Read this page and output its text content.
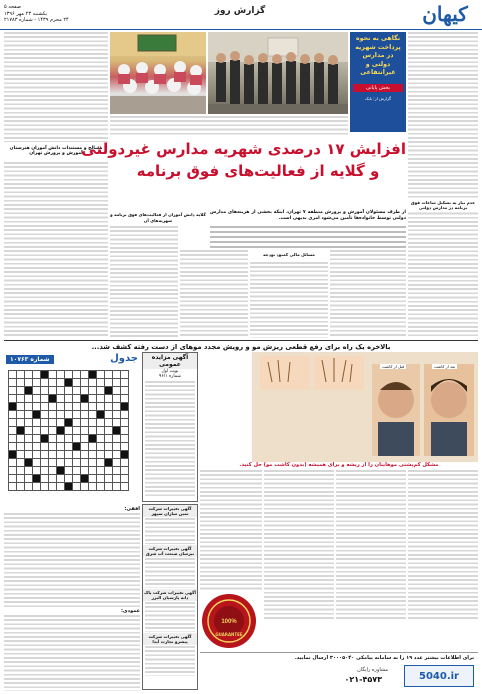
صفحه ۵
یکشنبه ۲۳ مهر ۱۳۹۶
۲۴ محرم ۱۴۳۹ - شماره ۲۱۷۸۳
گزارش روز	کیهان
نگاهی به نحوه پرداخت شهریه در مدارس دولتی و غیرانتفاعی
بخش پایانی
گزارش از: بابک
مصالح و مستندات دانش آموزان هنرستان
آموزش و پرورش تهران
افزایش ۱۷ درصدی شهریه مدارس غیردولتی
و گلایه از فعالیت‌های فوق برنامه
از طرف مسئولان آموزش و پرورش منطقه ۷ تهران، اینکه بخشی از هزینه‌های مدارس دولتی توسط خانواده‌ها تأمین می‌شود امری بدیهی است.
عدم نیاز به تشکیل ساعات فوق برنامه در مدارس دولتی
مسائل مالی کمبود بودجه
گلایه دانش آموزان از فعالیت‌های فوق برنامه و شهریه‌های آن
بالاخره یک راه برای رفع قطعی ریزش مو و رویش مجدد موهای از دست رفته کشف شد...
قبل از کاشت	بعد از کاشت
مشکل کم‌پشتی موهایتان را از ریشه و برای همیشه (بدون کاشت مو) حل کنید.
100%
GUARANTEE
برای اطلاعات بیشتر عدد ۱۹ را به سامانه پیامکی ۳۰۰۰۵۰۴۰ ارسال نمایید.
مشاوره رایگان
۰۲۱-۴۵۷۳	5040.ir
آگهی مزایده عمومی
نوبت اول
شماره ۹۶/۱
آگهی تغییرات شرکت ثمین سازان سپهر
آگهی تغییرات شرکت تیرسان صنعت آب شرق
آگهی تغییرات شرکت پاک دانه پارسیان البرز
آگهی تغییرات شرکت پیشرو تجارت آیدا
جدول
شماره ۱۰۷۶۳

افقی:
عمودی:
